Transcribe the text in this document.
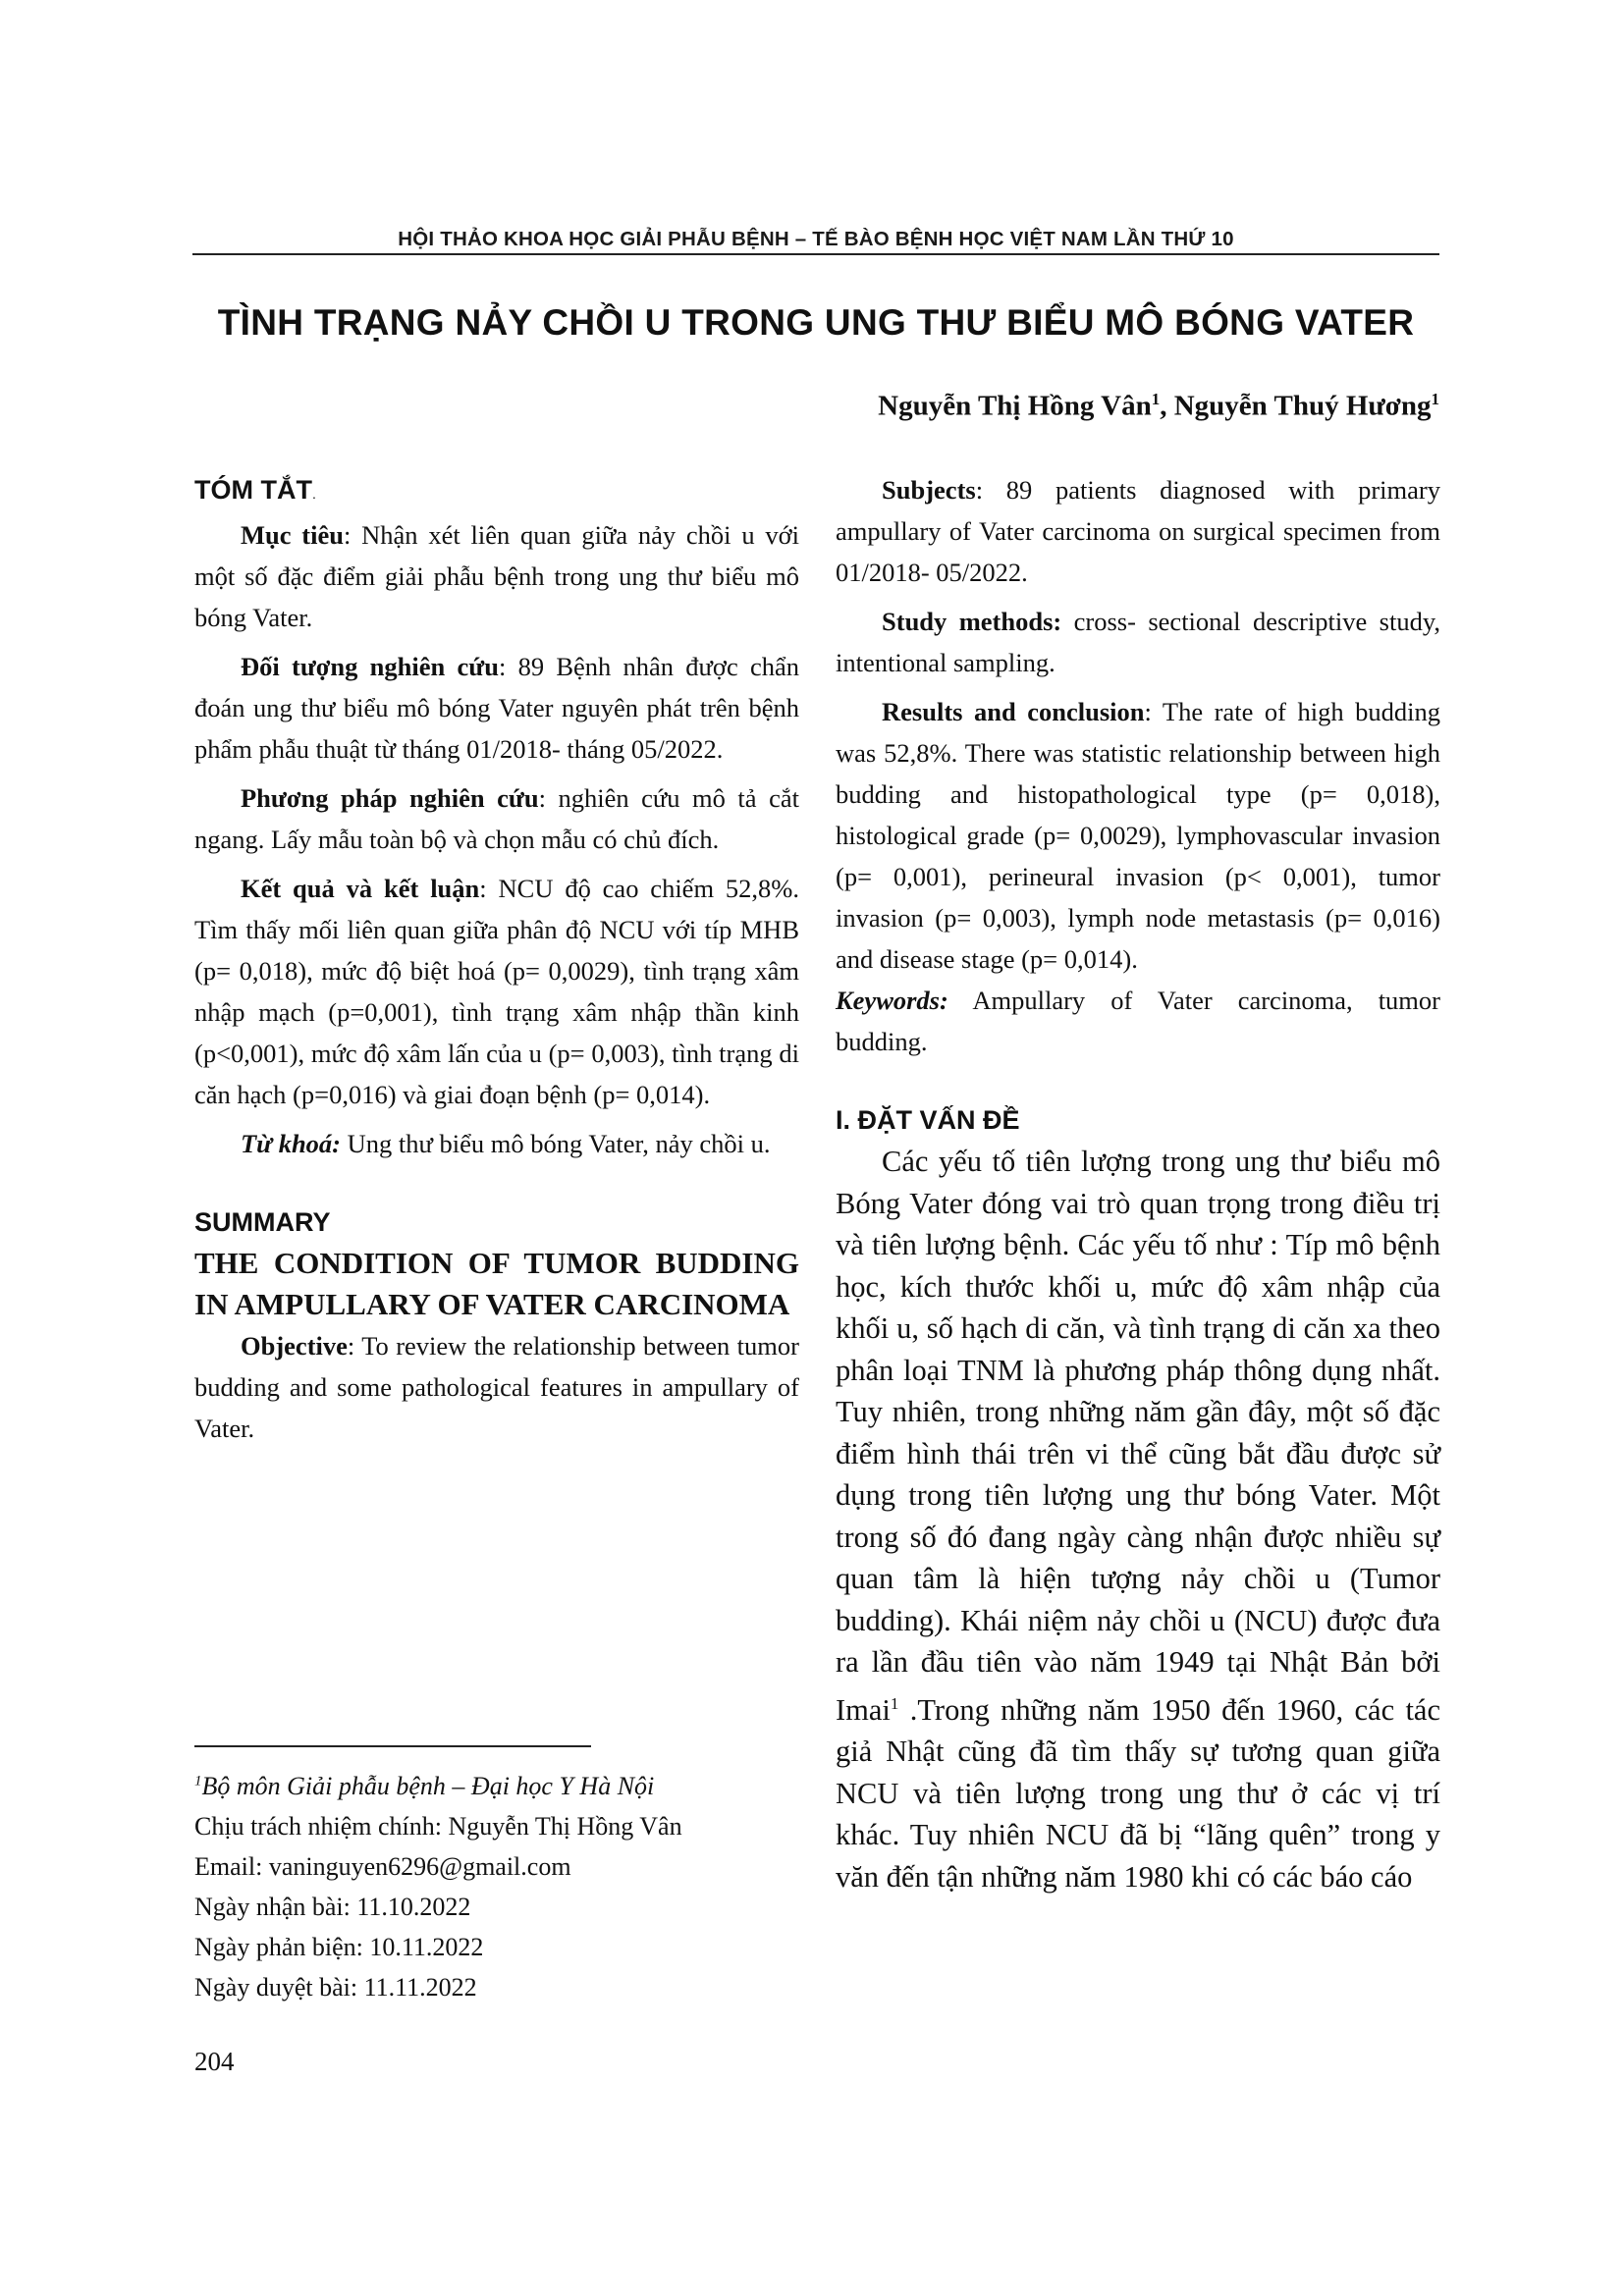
HỘI THẢO KHOA HỌC GIẢI PHẪU BỆNH – TẾ BÀO BỆNH HỌC VIỆT NAM LẦN THỨ 10
TÌNH TRẠNG NẢY CHỒI U TRONG UNG THƯ BIỂU MÔ BÓNG VATER
Nguyễn Thị Hồng Vân$^1$, Nguyễn Thuý Hương$^1$
TÓM TẮT.

Mục tiêu: Nhận xét liên quan giữa nảy chồi u với một số đặc điểm giải phẫu bệnh trong ung thư biểu mô bóng Vater.

Đối tượng nghiên cứu: 89 Bệnh nhân được chẩn đoán ung thư biểu mô bóng Vater nguyên phát trên bệnh phẩm phẫu thuật từ tháng 01/2018- tháng 05/2022.

Phương pháp nghiên cứu: nghiên cứu mô tả cắt ngang. Lấy mẫu toàn bộ và chọn mẫu có chủ đích.

Kết quả và kết luận: NCU độ cao chiếm 52,8%. Tìm thấy mối liên quan giữa phân độ NCU với típ MHB (p= 0,018), mức độ biệt hoá (p= 0,0029), tình trạng xâm nhập mạch (p=0,001), tình trạng xâm nhập thần kinh (p<0,001), mức độ xâm lấn của u (p= 0,003), tình trạng di căn hạch (p=0,016) và giai đoạn bệnh (p= 0,014).

Từ khoá: Ung thư biểu mô bóng Vater, nảy chồi u.

SUMMARY

THE CONDITION OF TUMOR BUDDING IN AMPULLARY OF VATER CARCINOMA

Objective: To review the relationship between tumor budding and some pathological features in ampullary of Vater.

Subjects: 89 patients diagnosed with primary ampullary of Vater carcinoma on surgical specimen from 01/2018- 05/2022.

Study methods: cross- sectional descriptive study, intentional sampling.

Results and conclusion: The rate of high budding was 52,8%. There was statistic relationship between high budding and histopathological type (p= 0,018), histological grade (p= 0,0029), lymphovascular invasion (p= 0,001), perineural invasion (p< 0,001), tumor invasion (p= 0,003), lymph node metastasis (p= 0,016) and disease stage (p= 0,014).

Keywords: Ampullary of Vater carcinoma, tumor budding.

I. ĐẶT VẤN ĐỀ

Các yếu tố tiên lượng trong ung thư biểu mô Bóng Vater đóng vai trò quan trọng trong điều trị và tiên lượng bệnh. Các yếu tố như : Típ mô bệnh học, kích thước khối u, mức độ xâm nhập của khối u, số hạch di căn, và tình trạng di căn xa theo phân loại TNM là phương pháp thông dụng nhất. Tuy nhiên, trong những năm gần đây, một số đặc điểm hình thái trên vi thể cũng bắt đầu được sử dụng trong tiên lượng ung thư bóng Vater. Một trong số đó đang ngày càng nhận được nhiều sự quan tâm là hiện tượng nảy chồi u (Tumor budding). Khái niệm nảy chồi u (NCU) được đưa ra lần đầu tiên vào năm 1949 tại Nhật Bản bởi Imai$^1$ .Trong những năm 1950 đến 1960, các tác giả Nhật cũng đã tìm thấy sự tương quan giữa NCU và tiên lượng trong ung thư ở các vị trí khác. Tuy nhiên NCU đã bị “lãng quên” trong y văn đến tận những năm 1980 khi có các báo cáo

$^1$Bộ môn Giải phẫu bệnh – Đại học Y Hà Nội
Chịu trách nhiệm chính: Nguyễn Thị Hồng Vân
Email: vaninguyen6296@gmail.com
Ngày nhận bài: 11.10.2022
Ngày phản biện: 10.11.2022
Ngày duyệt bài: 11.11.2022
204
